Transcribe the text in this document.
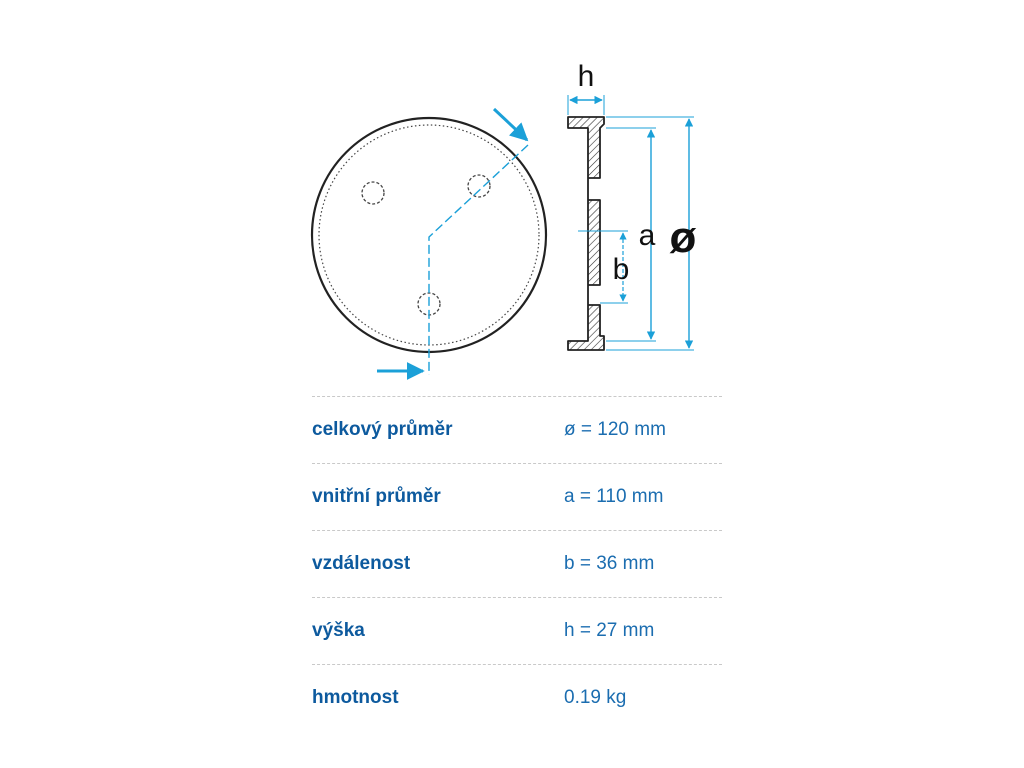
h
a
b
ø
celkový průměr	ø = 120 mm
vnitřní průměr	a = 110 mm
vzdálenost	b = 36 mm
výška	h = 27 mm
hmotnost	0.19 kg
